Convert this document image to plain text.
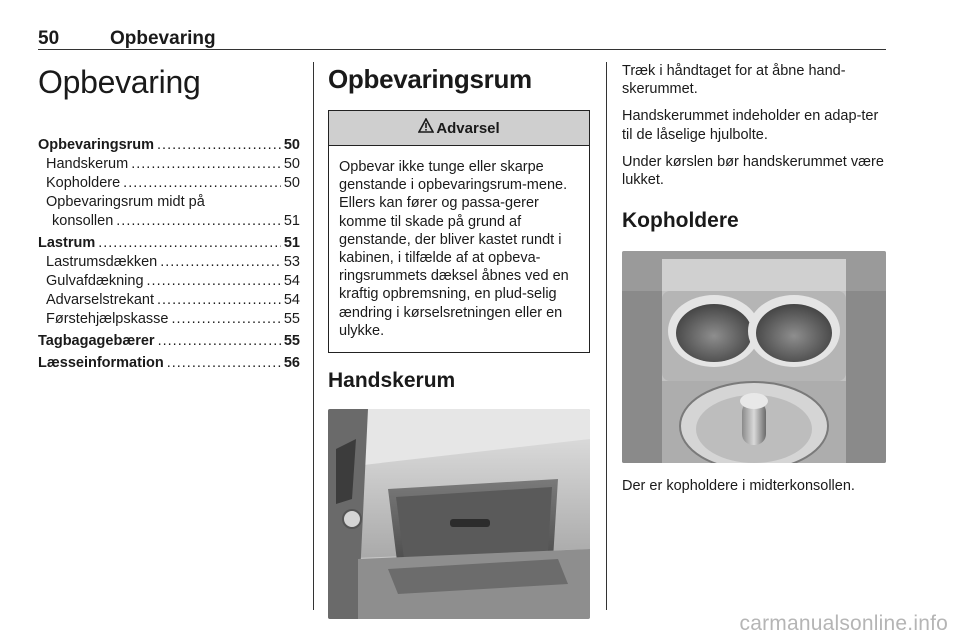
50	Opbevaring
Opbevaring
Opbevaringsrum .....	50
Handskerum .....	50
Kopholdere .....	50
Opbevaringsrum midt på
konsollen .....	51
Lastrum .....	51
Lastrumsdækken .....	53
Gulvafdækning .....	54
Advarselstrekant .....	54
Førstehjælpskasse .....	55
Tagbagagebærer .....	55
Læsseinformation .....	56
Opbevaringsrum
Advarsel
Opbevar ikke tunge eller skarpe genstande i opbevaringsrum-mene. Ellers kan fører og passa-gerer komme til skade på grund af genstande, der bliver kastet rundt i kabinen, i tilfælde af at opbeva-ringsrummets dæksel åbnes ved en kraftig opbremsning, en plud-selig ændring i kørselsretningen eller en ulykke.
Handskerum

Træk i håndtaget for at åbne hand-skerummet.

Handskerummet indeholder en adap-ter til de låselige hjulbolte.

Under kørslen bør handskerummet være lukket.

Kopholdere

Der er kopholdere i midterkonsollen.

carmanualsonline.info
